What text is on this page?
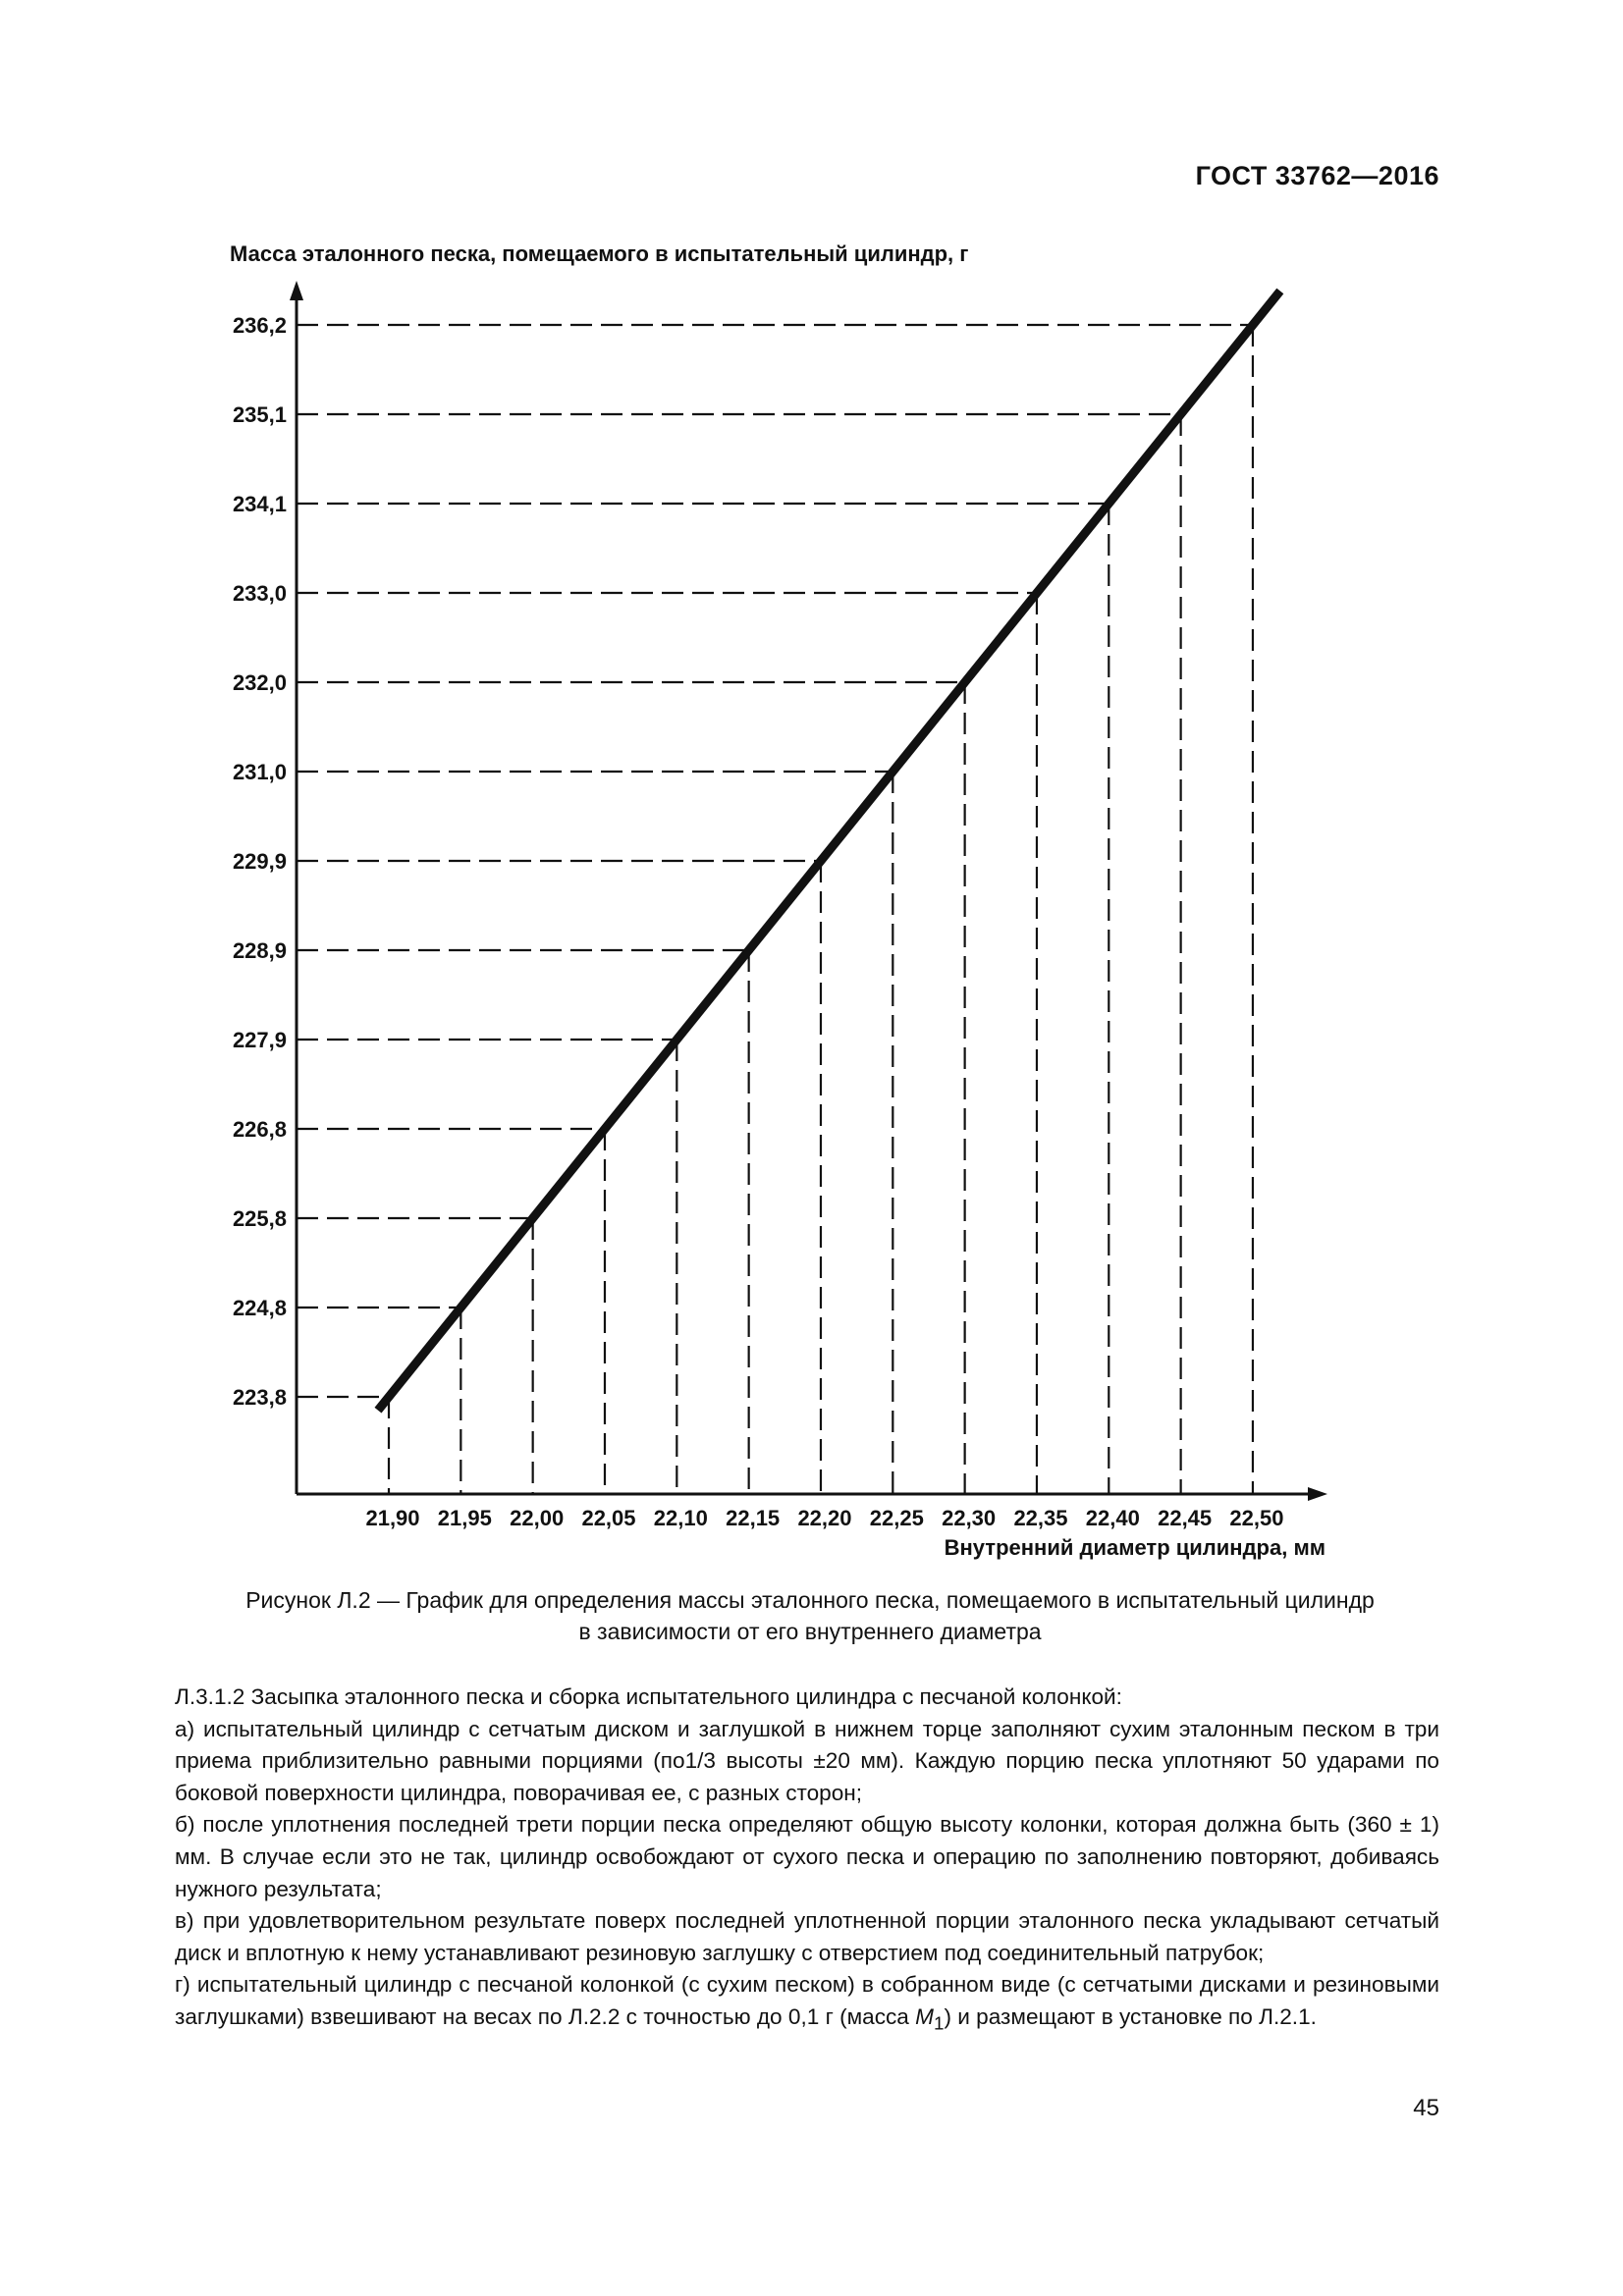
ГОСТ 33762—2016
223,8
224,8
225,8
226,8
227,9
228,9
229,9
231,0
232,0
233,0
234,1
235,1
236,2
21,90 21,95 22,00 22,05 22,10 22,15 22,20 22,25 22,30 22,35 22,40 22,45 22,50
Масса эталонного песка, помещаемого в испытательный цилиндр, г
Внутренний диаметр цилиндра, мм
Рисунок Л.2 — График для определения массы эталонного песка, помещаемого в испытательный цилиндр
в зависимости от его внутреннего диаметра

Л.3.1.2 Засыпка эталонного песка и сборка испытательного цилиндра с песчаной колонкой:

а) испытательный цилиндр с сетчатым диском и заглушкой в нижнем торце заполняют сухим эталонным песком в три приема приблизительно равными порциями (по1/3 высоты ±20 мм). Каждую порцию песка уплотняют 50 ударами по боковой поверхности цилиндра, поворачивая ее, с разных сторон;

б) после уплотнения последней трети порции песка определяют общую высоту колонки, которая должна быть (360 ± 1) мм. В случае если это не так, цилиндр освобождают от сухого песка и операцию по заполнению повторяют, добиваясь нужного результата;

в) при удовлетворительном результате поверх последней уплотненной порции эталонного песка укладывают сетчатый диск и вплотную к нему устанавливают резиновую заглушку с отверстием под соединительный патрубок;

г) испытательный цилиндр с песчаной колонкой (с сухим песком) в собранном виде (с сетчатыми дисками и резиновыми заглушками) взвешивают на весах по Л.2.2 с точностью до 0,1 г (масса $M_1$) и размещают в установке по Л.2.1.

45
